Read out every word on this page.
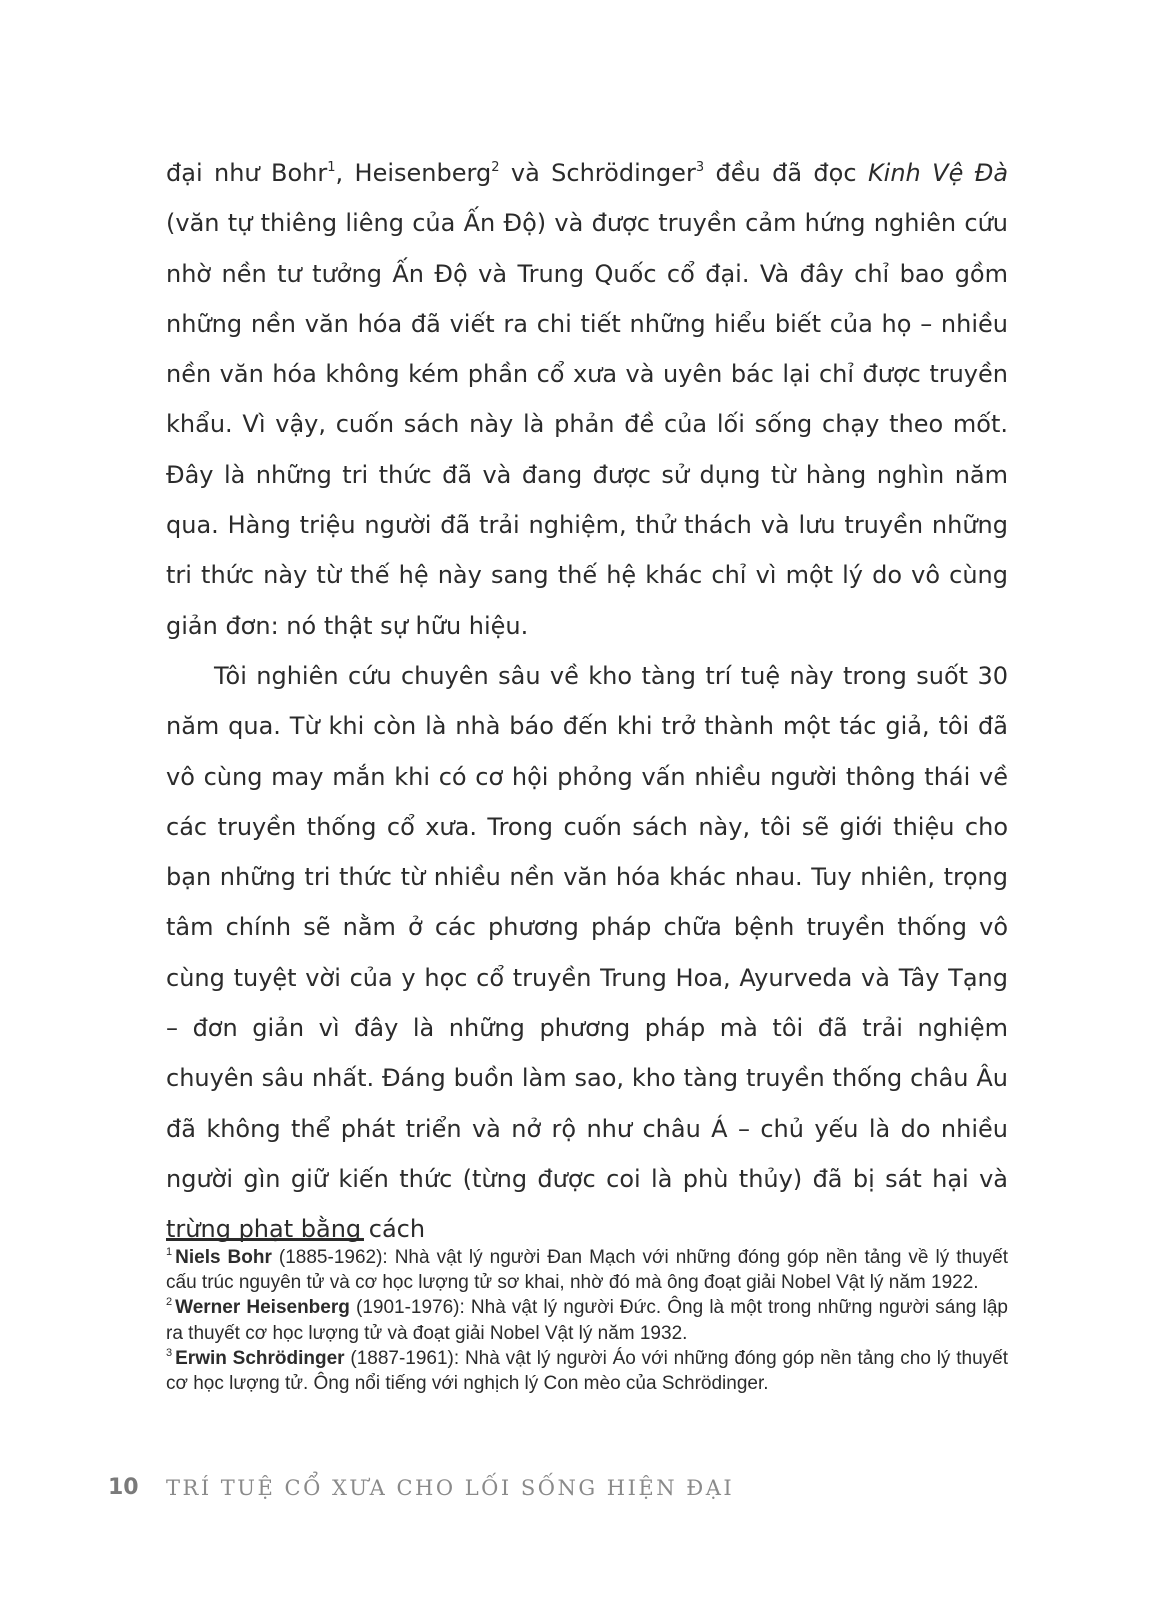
đại như Bohr$^1$, Heisenberg$^2$ và Schrödinger$^3$ đều đã đọc Kinh Vệ Đà (văn tự thiêng liêng của Ấn Độ) và được truyền cảm hứng nghiên cứu nhờ nền tư tưởng Ấn Độ và Trung Quốc cổ đại. Và đây chỉ bao gồm những nền văn hóa đã viết ra chi tiết những hiểu biết của họ – nhiều nền văn hóa không kém phần cổ xưa và uyên bác lại chỉ được truyền khẩu. Vì vậy, cuốn sách này là phản đề của lối sống chạy theo mốt. Đây là những tri thức đã và đang được sử dụng từ hàng nghìn năm qua. Hàng triệu người đã trải nghiệm, thử thách và lưu truyền những tri thức này từ thế hệ này sang thế hệ khác chỉ vì một lý do vô cùng giản đơn: nó thật sự hữu hiệu.

Tôi nghiên cứu chuyên sâu về kho tàng trí tuệ này trong suốt 30 năm qua. Từ khi còn là nhà báo đến khi trở thành một tác giả, tôi đã vô cùng may mắn khi có cơ hội phỏng vấn nhiều người thông thái về các truyền thống cổ xưa. Trong cuốn sách này, tôi sẽ giới thiệu cho bạn những tri thức từ nhiều nền văn hóa khác nhau. Tuy nhiên, trọng tâm chính sẽ nằm ở các phương pháp chữa bệnh truyền thống vô cùng tuyệt vời của y học cổ truyền Trung Hoa, Ayurveda và Tây Tạng – đơn giản vì đây là những phương pháp mà tôi đã trải nghiệm chuyên sâu nhất. Đáng buồn làm sao, kho tàng truyền thống châu Âu đã không thể phát triển và nở rộ như châu Á – chủ yếu là do nhiều người gìn giữ kiến thức (từng được coi là phù thủy) đã bị sát hại và trừng phạt bằng cách

$^1$ Niels Bohr (1885-1962): Nhà vật lý người Đan Mạch với những đóng góp nền tảng về lý thuyết cấu trúc nguyên tử và cơ học lượng tử sơ khai, nhờ đó mà ông đoạt giải Nobel Vật lý năm 1922.

$^2$ Werner Heisenberg (1901-1976): Nhà vật lý người Đức. Ông là một trong những người sáng lập ra thuyết cơ học lượng tử và đoạt giải Nobel Vật lý năm 1932.

$^3$ Erwin Schrödinger (1887-1961): Nhà vật lý người Áo với những đóng góp nền tảng cho lý thuyết cơ học lượng tử. Ông nổi tiếng với nghịch lý Con mèo của Schrödinger.

10 TRÍ TUỆ CỔ XƯA CHO LỐI SỐNG HIỆN ĐẠI
